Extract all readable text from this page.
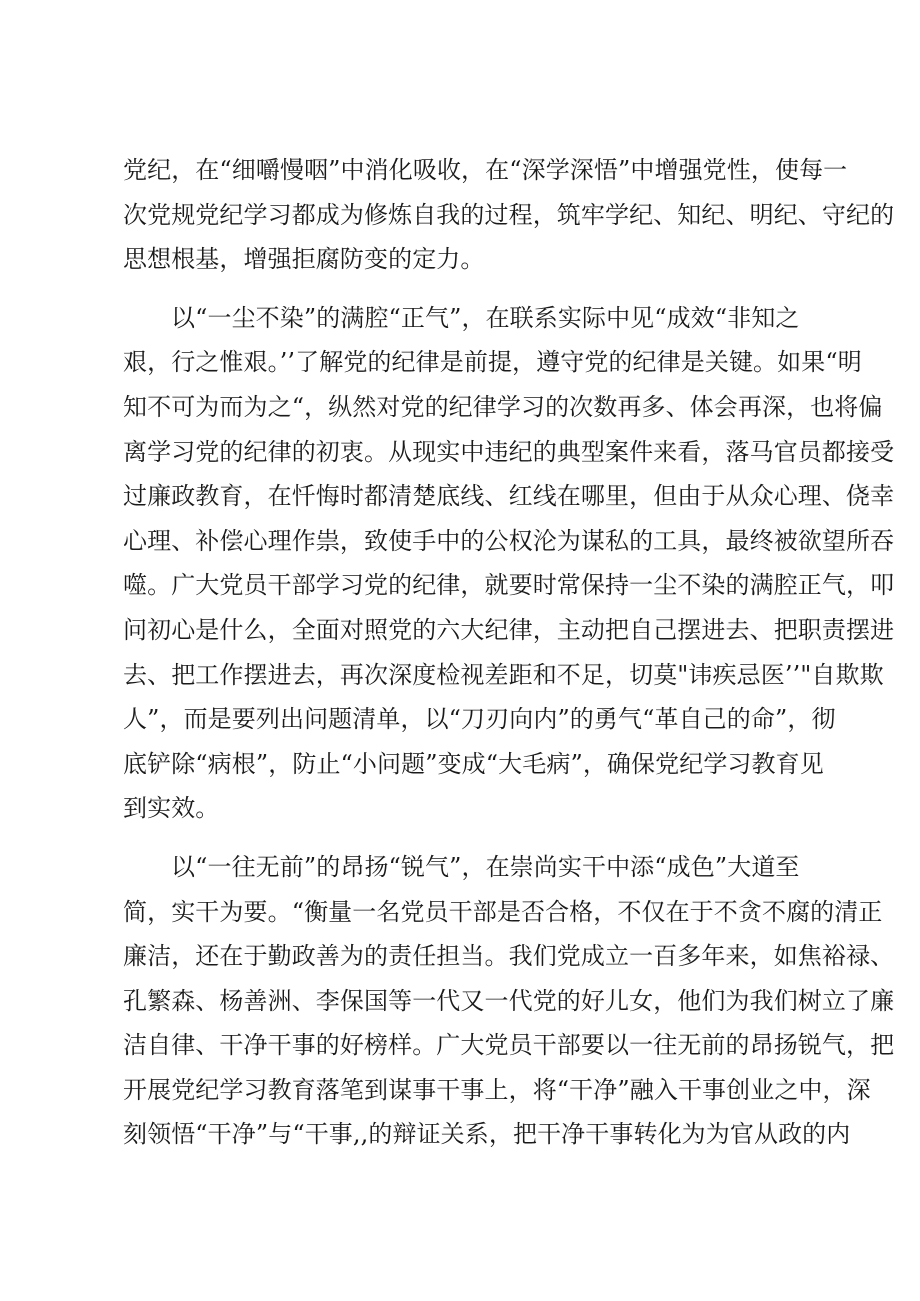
党纪，在“细嚼慢咽”中消化吸收，在“深学深悟”中增强党性，使每一
次党规党纪学习都成为修炼自我的过程，筑牢学纪、知纪、明纪、守纪的
思想根基，增强拒腐防变的定力。
以“一尘不染”的满腔“正气”，在联系实际中见“成效“非知之
艰，行之惟艰。’’了解党的纪律是前提，遵守党的纪律是关键。如果“明
知不可为而为之“，纵然对党的纪律学习的次数再多、体会再深，也将偏
离学习党的纪律的初衷。从现实中违纪的典型案件来看，落马官员都接受
过廉政教育，在忏悔时都清楚底线、红线在哪里，但由于从众心理、侥幸
心理、补偿心理作祟，致使手中的公权沦为谋私的工具，最终被欲望所吞
噬。广大党员干部学习党的纪律，就要时常保持一尘不染的满腔正气，叩
问初心是什么，全面对照党的六大纪律，主动把自己摆进去、把职责摆进
去、把工作摆进去，再次深度检视差距和不足，切莫"讳疾忌医’’"自欺欺
人”，而是要列出问题清单，以“刀刃向内”的勇气“革自己的命”，彻
底铲除“病根”，防止“小问题”变成“大毛病”，确保党纪学习教育见
到实效。
以“一往无前”的昂扬“锐气”，在崇尚实干中添“成色”大道至
简，实干为要。“衡量一名党员干部是否合格，不仅在于不贪不腐的清正
廉洁，还在于勤政善为的责任担当。我们党成立一百多年来，如焦裕禄、
孔繁森、杨善洲、李保国等一代又一代党的好儿女，他们为我们树立了廉
洁自律、干净干事的好榜样。广大党员干部要以一往无前的昂扬锐气，把
开展党纪学习教育落笔到谋事干事上，将“干净”融入干事创业之中，深
刻领悟“干净”与“干事,,的辩证关系，把干净干事转化为为官从政的内
